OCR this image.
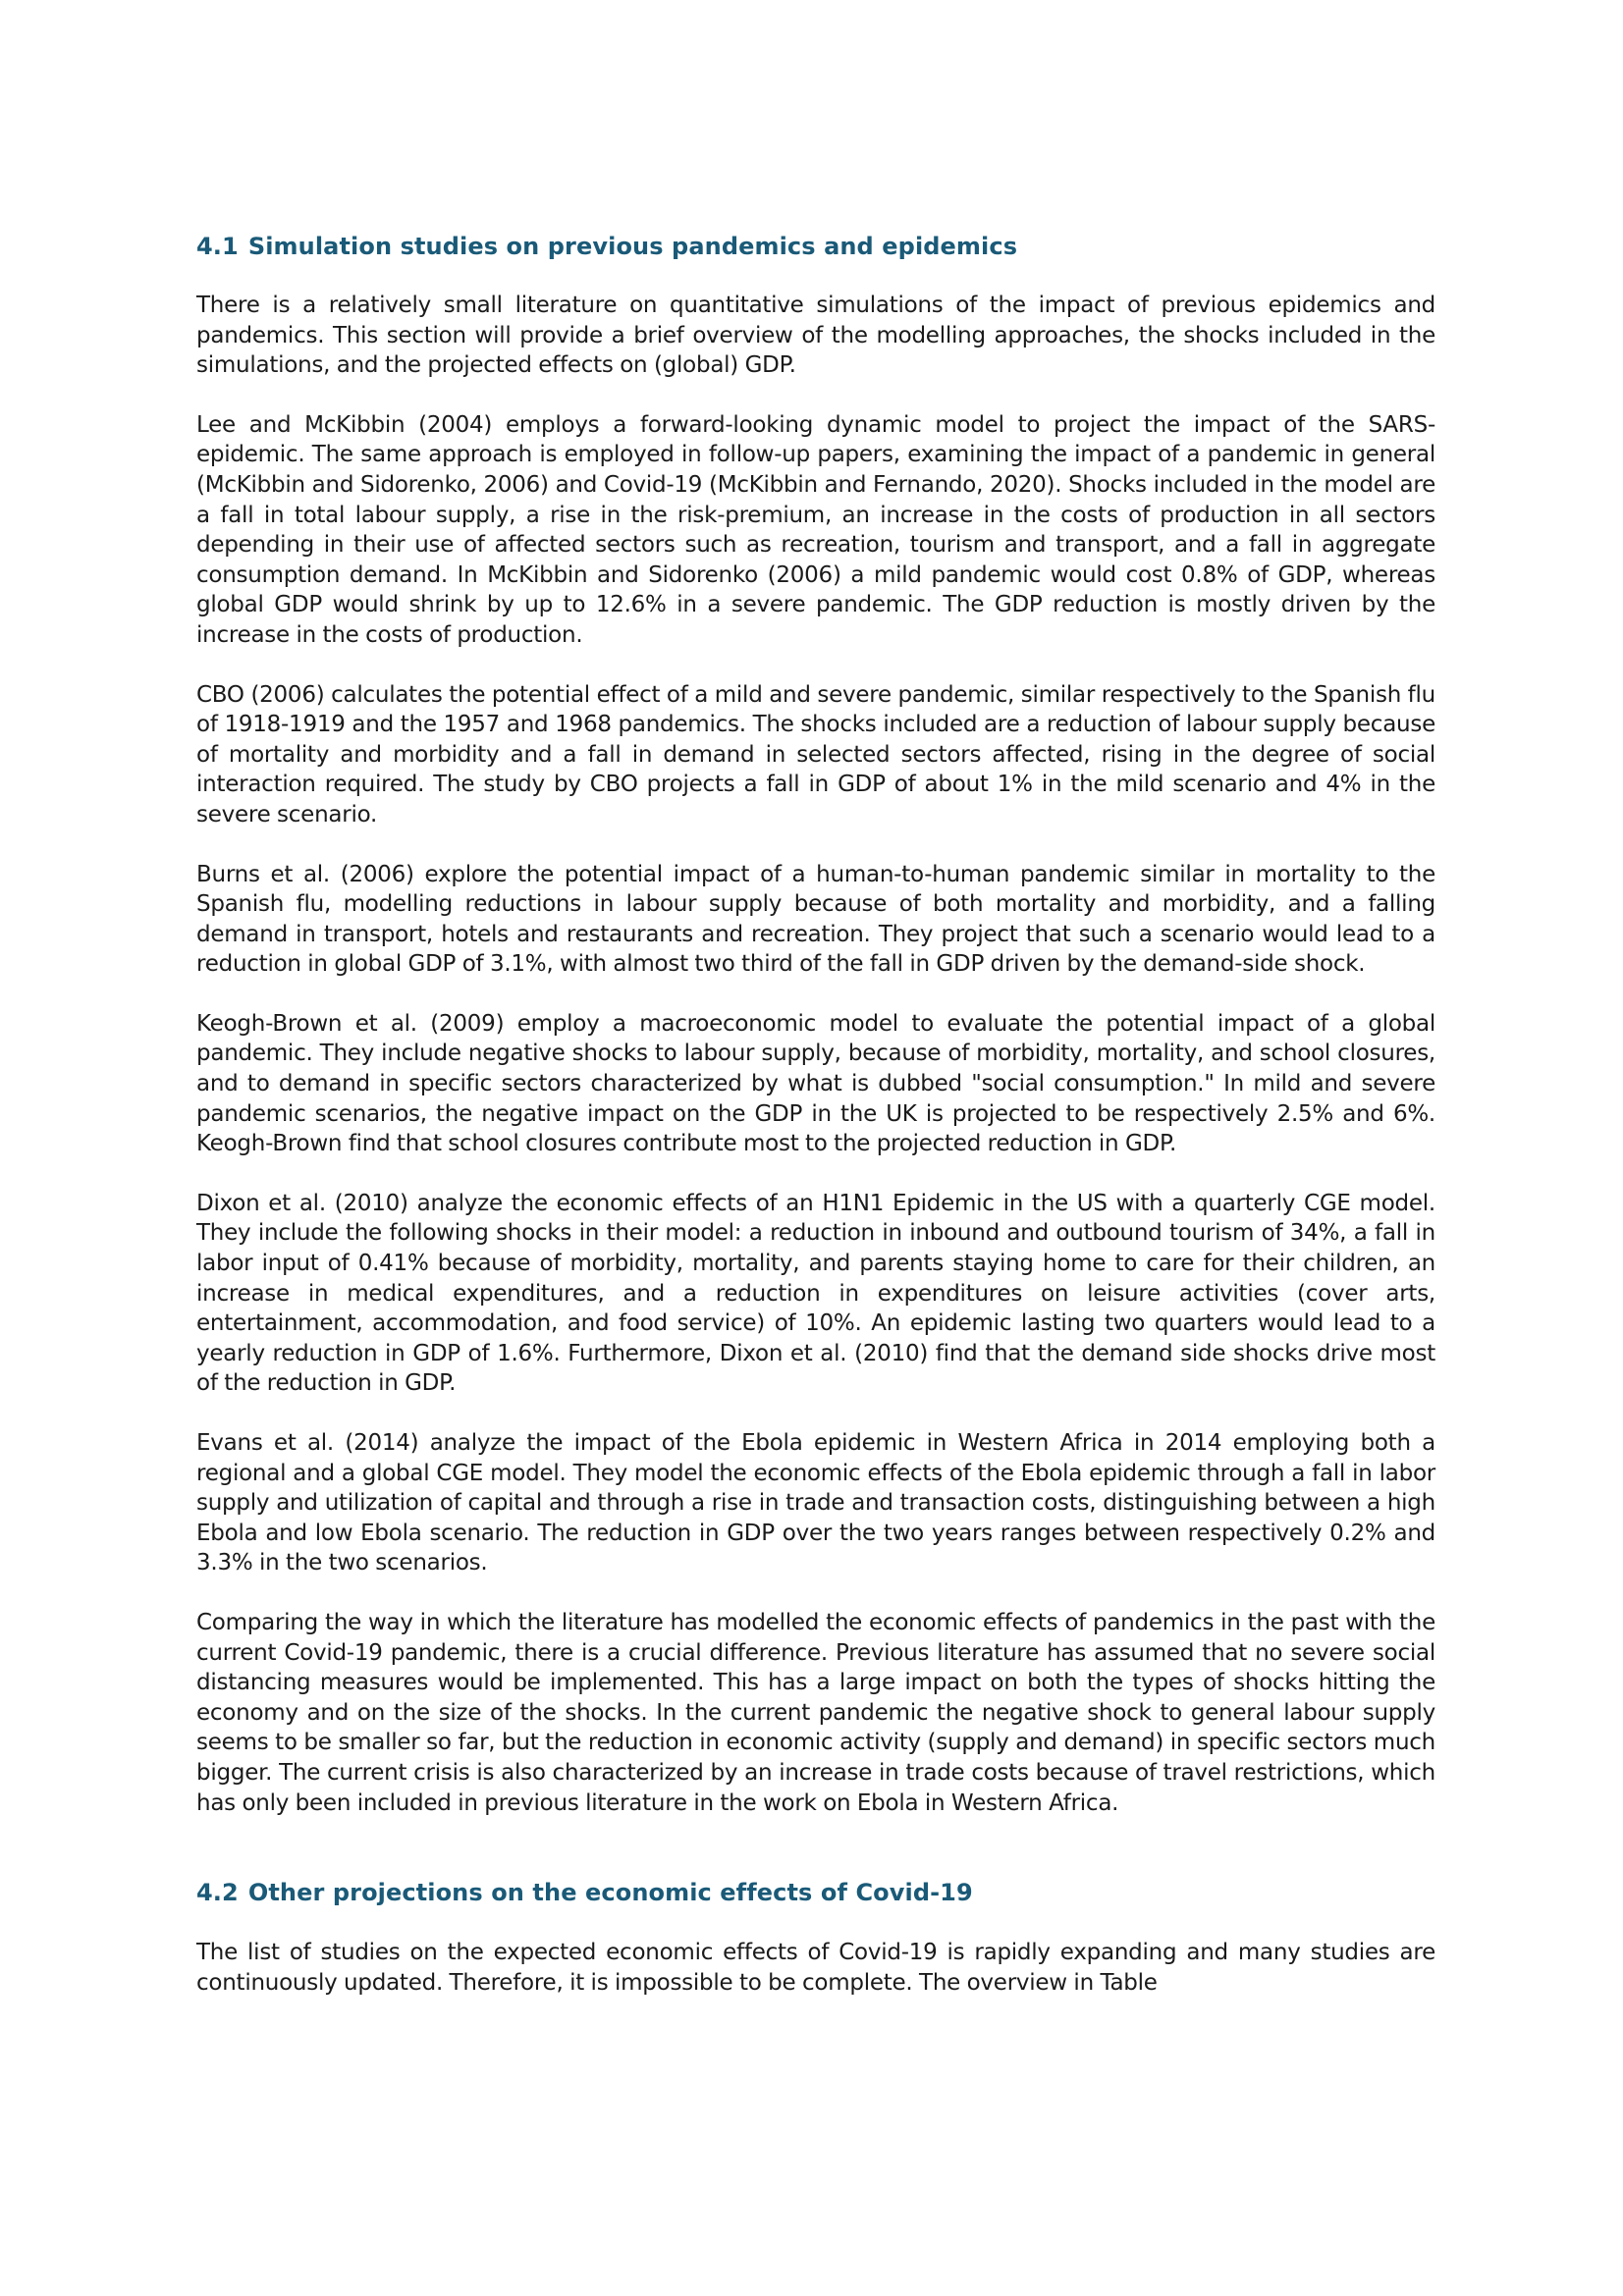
4.1 Simulation studies on previous pandemics and epidemics

There is a relatively small literature on quantitative simulations of the impact of previous epidemics and pandemics. This section will provide a brief overview of the modelling approaches, the shocks included in the simulations, and the projected effects on (global) GDP.

Lee and McKibbin (2004) employs a forward-looking dynamic model to project the impact of the SARS-epidemic. The same approach is employed in follow-up papers, examining the impact of a pandemic in general (McKibbin and Sidorenko, 2006) and Covid-19 (McKibbin and Fernando, 2020). Shocks included in the model are a fall in total labour supply, a rise in the risk-premium, an increase in the costs of production in all sectors depending in their use of affected sectors such as recreation, tourism and transport, and a fall in aggregate consumption demand. In McKibbin and Sidorenko (2006) a mild pandemic would cost 0.8% of GDP, whereas global GDP would shrink by up to 12.6% in a severe pandemic. The GDP reduction is mostly driven by the increase in the costs of production.

CBO (2006) calculates the potential effect of a mild and severe pandemic, similar respectively to the Spanish flu of 1918-1919 and the 1957 and 1968 pandemics. The shocks included are a reduction of labour supply because of mortality and morbidity and a fall in demand in selected sectors affected, rising in the degree of social interaction required. The study by CBO projects a fall in GDP of about 1% in the mild scenario and 4% in the severe scenario.

Burns et al. (2006) explore the potential impact of a human-to-human pandemic similar in mortality to the Spanish flu, modelling reductions in labour supply because of both mortality and morbidity, and a falling demand in transport, hotels and restaurants and recreation. They project that such a scenario would lead to a reduction in global GDP of 3.1%, with almost two third of the fall in GDP driven by the demand-side shock.

Keogh-Brown et al. (2009) employ a macroeconomic model to evaluate the potential impact of a global pandemic. They include negative shocks to labour supply, because of morbidity, mortality, and school closures, and to demand in specific sectors characterized by what is dubbed "social consumption." In mild and severe pandemic scenarios, the negative impact on the GDP in the UK is projected to be respectively 2.5% and 6%. Keogh-Brown find that school closures contribute most to the projected reduction in GDP.

Dixon et al. (2010) analyze the economic effects of an H1N1 Epidemic in the US with a quarterly CGE model. They include the following shocks in their model: a reduction in inbound and outbound tourism of 34%, a fall in labor input of 0.41% because of morbidity, mortality, and parents staying home to care for their children, an increase in medical expenditures, and a reduction in expenditures on leisure activities (cover arts, entertainment, accommodation, and food service) of 10%. An epidemic lasting two quarters would lead to a yearly reduction in GDP of 1.6%. Furthermore, Dixon et al. (2010) find that the demand side shocks drive most of the reduction in GDP.

Evans et al. (2014) analyze the impact of the Ebola epidemic in Western Africa in 2014 employing both a regional and a global CGE model. They model the economic effects of the Ebola epidemic through a fall in labor supply and utilization of capital and through a rise in trade and transaction costs, distinguishing between a high Ebola and low Ebola scenario. The reduction in GDP over the two years ranges between respectively 0.2% and 3.3% in the two scenarios.

Comparing the way in which the literature has modelled the economic effects of pandemics in the past with the current Covid-19 pandemic, there is a crucial difference. Previous literature has assumed that no severe social distancing measures would be implemented. This has a large impact on both the types of shocks hitting the economy and on the size of the shocks. In the current pandemic the negative shock to general labour supply seems to be smaller so far, but the reduction in economic activity (supply and demand) in specific sectors much bigger. The current crisis is also characterized by an increase in trade costs because of travel restrictions, which has only been included in previous literature in the work on Ebola in Western Africa.

4.2 Other projections on the economic effects of Covid-19

The list of studies on the expected economic effects of Covid-19 is rapidly expanding and many studies are continuously updated. Therefore, it is impossible to be complete. The overview in Table
